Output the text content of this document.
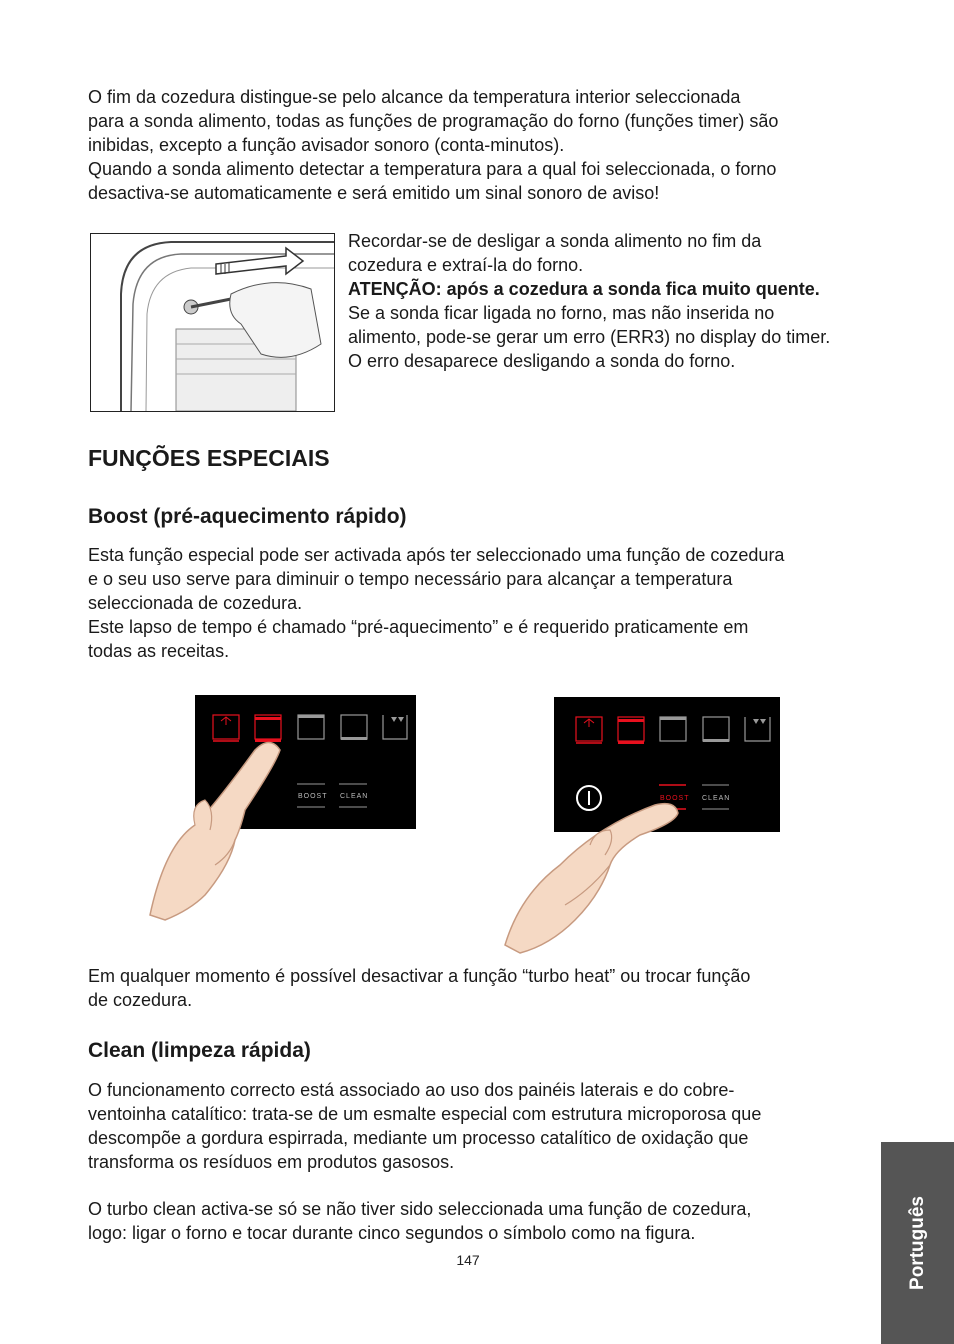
O fim da cozedura distingue-se pelo alcance da temperatura interior seleccionada
para a sonda alimento, todas as funções de programação do forno (funções timer) são
inibidas, excepto a função avisador sonoro (conta-minutos).
Quando a sonda alimento detectar a temperatura para a qual foi seleccionada, o forno
desactiva-se automaticamente e será emitido um sinal sonoro de aviso!
Recordar-se de desligar a sonda alimento no fim da
cozedura e extraí-la do forno.
ATENÇÃO: após a cozedura a sonda fica muito quente.
Se a sonda ficar ligada no forno, mas não inserida no
alimento, pode-se gerar um erro (ERR3) no display do timer.
O erro desaparece desligando a sonda do forno.
FUNÇÕES ESPECIAIS
Boost (pré-aquecimento rápido)
Esta função especial pode ser activada após ter seleccionado uma função de cozedura
e o seu uso serve para diminuir o tempo necessário para alcançar a temperatura
seleccionada de cozedura.
Este lapso de tempo é chamado “pré-aquecimento” e é requerido praticamente em
todas as receitas.
BOOST CLEAN	BOOST CLEAN
Em qualquer momento é possível desactivar a função “turbo heat” ou trocar função
de cozedura.
Clean (limpeza rápida)
O funcionamento correcto está associado ao uso dos painéis laterais e do cobre-
ventoinha catalítico: trata-se de um esmalte especial com estrutura microporosa que
descompõe a gordura espirrada, mediante um processo catalítico de oxidação que
transforma os resíduos em produtos gasosos.
O turbo clean activa-se só se não tiver sido seleccionada uma função de cozedura,
logo: ligar o forno e tocar durante cinco segundos o símbolo como na figura.
147	Português
